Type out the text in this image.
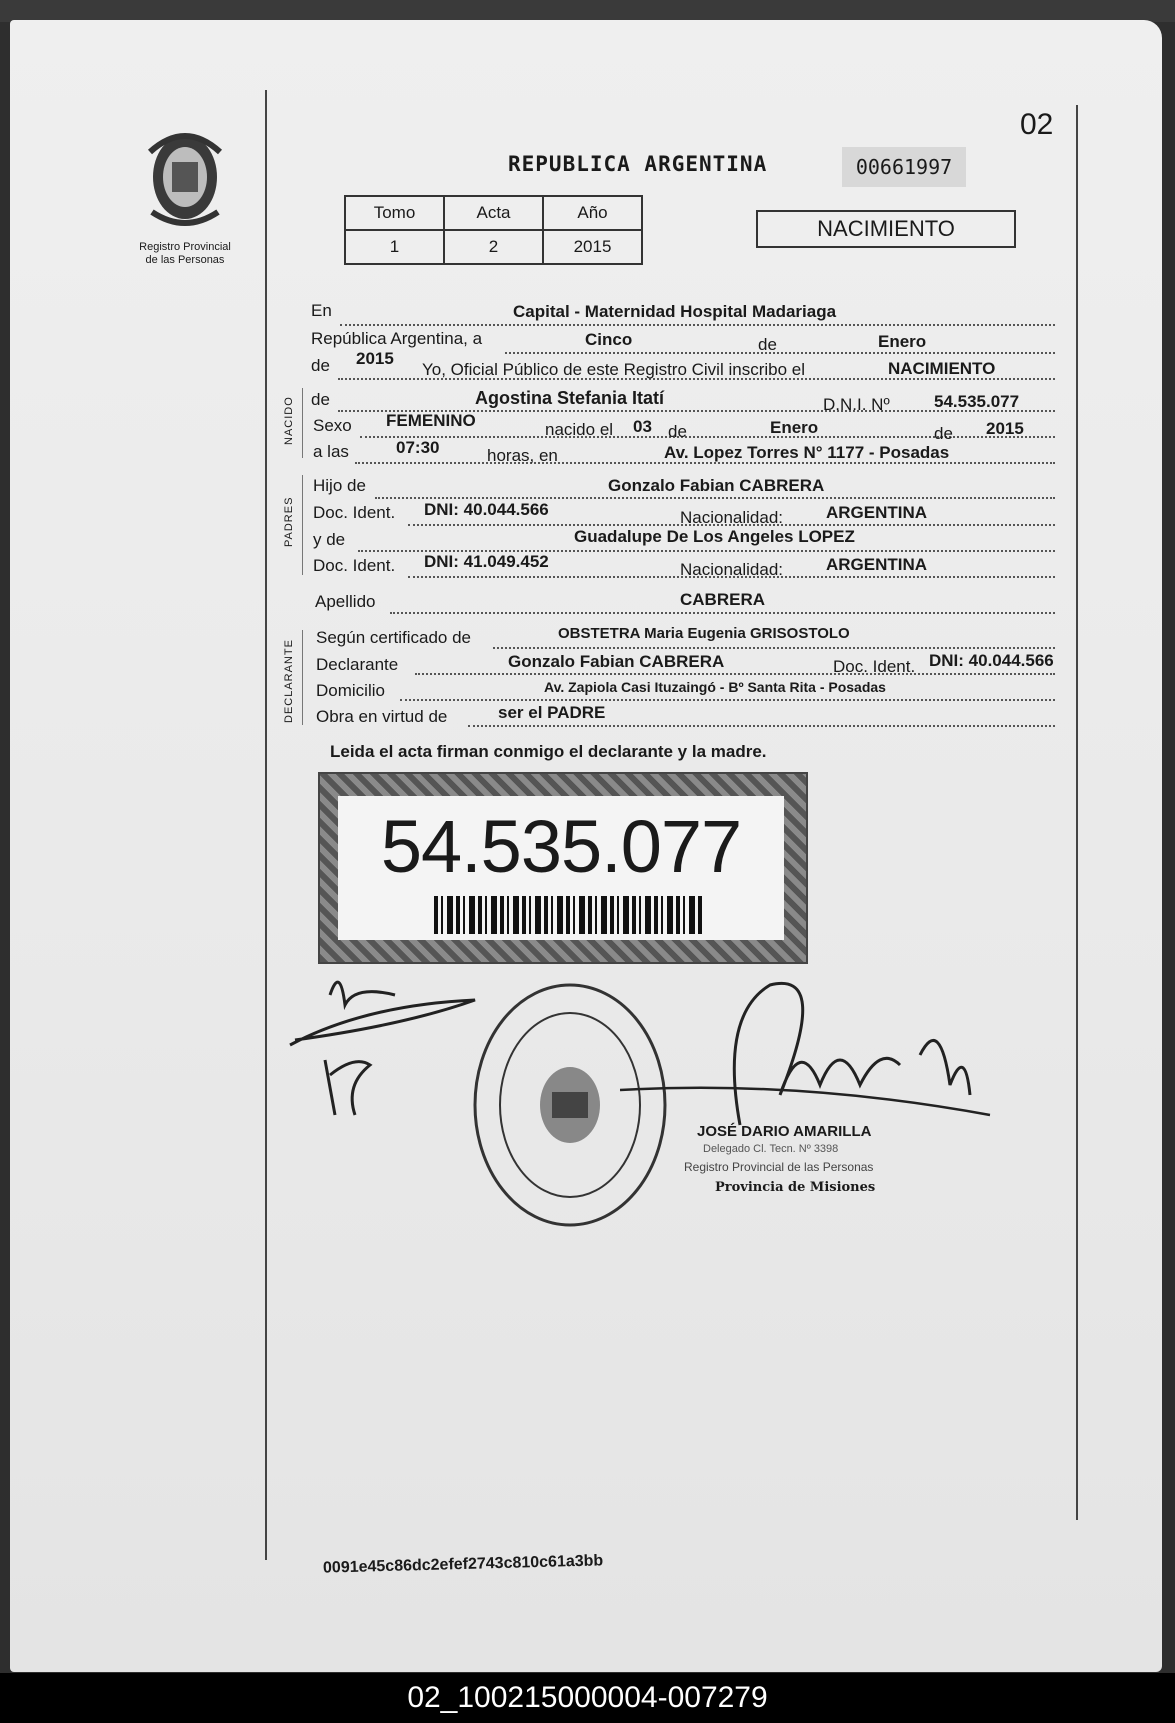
Registro Provincial de las Personas
02
REPUBLICA ARGENTINA	00661997
Tomo	Acta	Año
1	2	2015
NACIMIENTO
En	Capital - Maternidad Hospital Madariaga
República Argentina, a	Cinco	de	Enero
de 2015
Yo, Oficial Público de este Registro Civil inscribo el	NACIMIENTO
NACIDO de	Agostina Stefania Itatí	D.N.I. Nº	54.535.077
Sexo FEMENINO	nacido el 03 de	Enero	de 2015
a las	07:30	horas, en	Av. Lopez Torres N° 1177 - Posadas
PADRES
Hijo de	Gonzalo Fabian CABRERA
Doc. Ident. DNI: 40.044.566	Nacionalidad:	ARGENTINA
y de	Guadalupe De Los Angeles LOPEZ
Doc. Ident. DNI: 41.049.452	Nacionalidad:	ARGENTINA
Apellido	CABRERA
DECLARANTE
Según certificado de	OBSTETRA Maria Eugenia GRISOSTOLO
Declarante	Gonzalo Fabian CABRERA	Doc. Ident. DNI: 40.044.566
Domicilio	Av. Zapiola Casi Ituzaingó - Bº Santa Rita - Posadas
Obra en virtud de	ser el PADRE
Leida el acta firman conmigo el declarante y la madre.
54.535.077
JOSÉ DARIO AMARILLA
Delegado Cl. Tecn. Nº 3398
Registro Provincial de las Personas
Provincia de Misiones
0091e45c86dc2efef2743c810c61a3bb
02_100215000004-007279
